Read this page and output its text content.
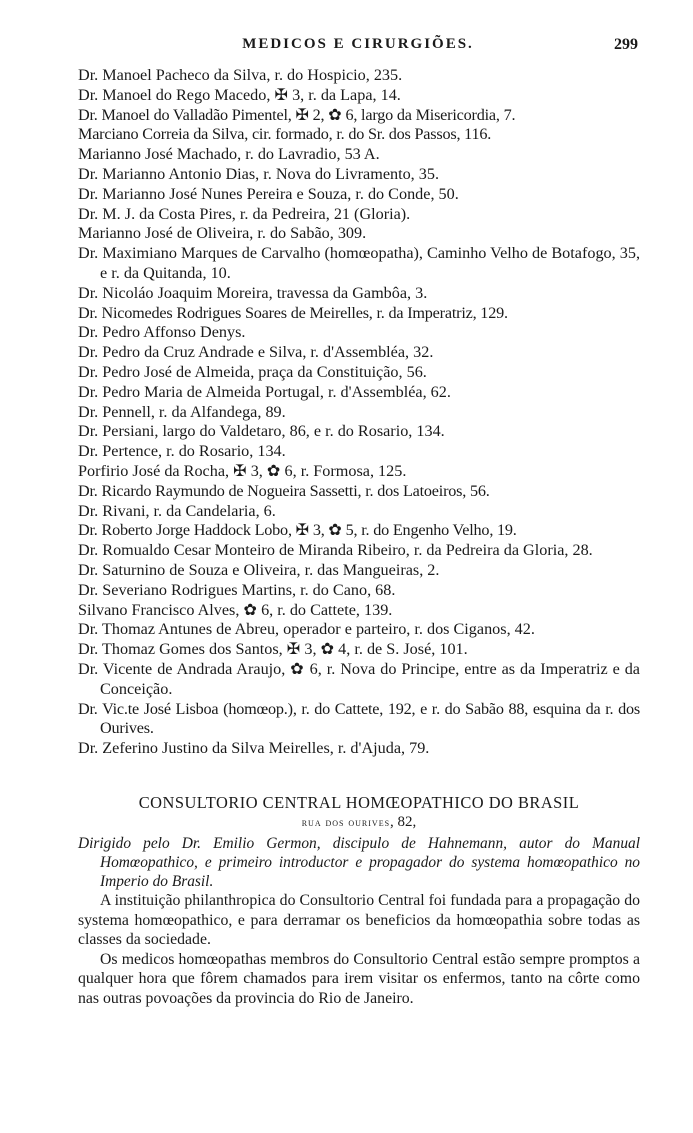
MEDICOS E CIRURGIÕES.	299

Dr. Manoel Pacheco da Silva, r. do Hospicio, 235.

Dr. Manoel do Rego Macedo, ✠ 3, r. da Lapa, 14.

Dr. Manoel do Valladão Pimentel, ✠ 2, ✿ 6, largo da Misericordia, 7.

Marciano Correia da Silva, cir. formado, r. do Sr. dos Passos, 116.

Marianno José Machado, r. do Lavradio, 53 A.

Dr. Marianno Antonio Dias, r. Nova do Livramento, 35.

Dr. Marianno José Nunes Pereira e Souza, r. do Conde, 50.

Dr. M. J. da Costa Pires, r. da Pedreira, 21 (Gloria).

Marianno José de Oliveira, r. do Sabão, 309.

Dr. Maximiano Marques de Carvalho (homœopatha), Caminho Velho de Botafogo, 35, e r. da Quitanda, 10.

Dr. Nicoláo Joaquim Moreira, travessa da Gambôa, 3.

Dr. Nicomedes Rodrigues Soares de Meirelles, r. da Imperatriz, 129.

Dr. Pedro Affonso Denys.

Dr. Pedro da Cruz Andrade e Silva, r. d'Assembléa, 32.

Dr. Pedro José de Almeida, praça da Constituição, 56.

Dr. Pedro Maria de Almeida Portugal, r. d'Assembléa, 62.

Dr. Pennell, r. da Alfandega, 89.

Dr. Persiani, largo do Valdetaro, 86, e r. do Rosario, 134.

Dr. Pertence, r. do Rosario, 134.

Porfirio José da Rocha, ✠ 3, ✿ 6, r. Formosa, 125.

Dr. Ricardo Raymundo de Nogueira Sassetti, r. dos Latoeiros, 56.

Dr. Rivani, r. da Candelaria, 6.

Dr. Roberto Jorge Haddock Lobo, ✠ 3, ✿ 5, r. do Engenho Velho, 19.

Dr. Romualdo Cesar Monteiro de Miranda Ribeiro, r. da Pedreira da Gloria, 28.

Dr. Saturnino de Souza e Oliveira, r. das Mangueiras, 2.

Dr. Severiano Rodrigues Martins, r. do Cano, 68.

Silvano Francisco Alves, ✿ 6, r. do Cattete, 139.

Dr. Thomaz Antunes de Abreu, operador e parteiro, r. dos Ciganos, 42.

Dr. Thomaz Gomes dos Santos, ✠ 3, ✿ 4, r. de S. José, 101.

Dr. Vicente de Andrada Araujo, ✿ 6, r. Nova do Principe, entre as da Imperatriz e da Conceição.

Dr. Vic.te José Lisboa (homœop.), r. do Cattete, 192, e r. do Sabão 88, esquina da r. dos Ourives.

Dr. Zeferino Justino da Silva Meirelles, r. d'Ajuda, 79.

CONSULTORIO CENTRAL HOMŒOPATHICO DO BRASIL

rua dos ourives, 82,

Dirigido pelo Dr. Emilio Germon, discipulo de Hahnemann, autor do Manual Homœopathico, e primeiro introductor e propagador do systema homœopathico no Imperio do Brasil.

A instituição philanthropica do Consultorio Central foi fundada para a propagação do systema homœopathico, e para derramar os beneficios da homœopathia sobre todas as classes da sociedade.

Os medicos homœopathas membros do Consultorio Central estão sempre promptos a qualquer hora que fôrem chamados para irem visitar os enfermos, tanto na côrte como nas outras povoações da provincia do Rio de Janeiro.
